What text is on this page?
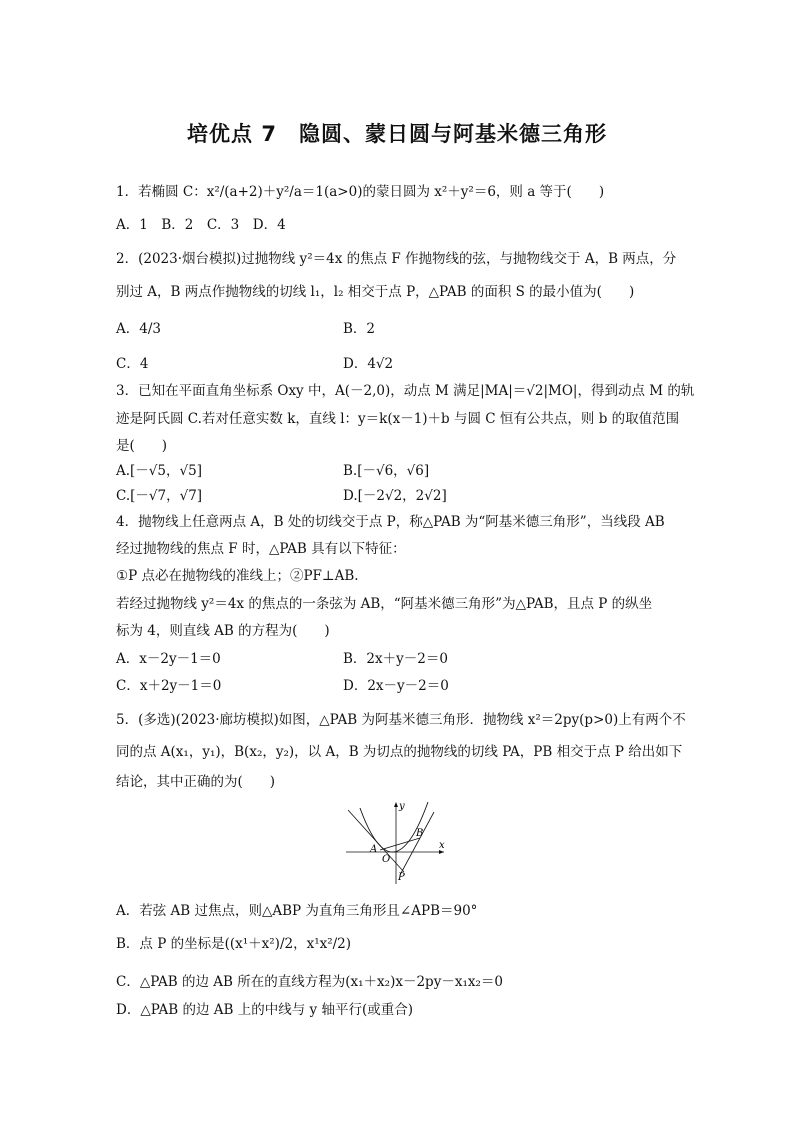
培优点 7　隐圆、蒙日圆与阿基米德三角形
1．若椭圆 C：x²/(a+2)＋y²/a＝1(a>0)的蒙日圆为 x²＋y²＝6，则 a 等于(　　)
A．1　B．2　C．3　D．4
2．(2023·烟台模拟)过抛物线 y²＝4x 的焦点 F 作抛物线的弦，与抛物线交于 A，B 两点，分
别过 A，B 两点作抛物线的切线 l₁，l₂ 相交于点 P，△PAB 的面积 S 的最小值为(　　)
A．4/3	B．2
C．4	D．4√2
3．已知在平面直角坐标系 Oxy 中，A(－2,0)，动点 M 满足|MA|＝√2|MO|，得到动点 M 的轨
迹是阿氏圆 C.若对任意实数 k，直线 l：y＝k(x－1)＋b 与圆 C 恒有公共点，则 b 的取值范围
是(　　)
A.[－√5，√5]	B.[－√6，√6]
C.[－√7，√7]	D.[－2√2，2√2]
4．抛物线上任意两点 A，B 处的切线交于点 P，称△PAB 为“阿基米德三角形”，当线段 AB
经过抛物线的焦点 F 时，△PAB 具有以下特征：
①P 点必在抛物线的准线上；②PF⊥AB.
若经过抛物线 y²＝4x 的焦点的一条弦为 AB，“阿基米德三角形”为△PAB，且点 P 的纵坐
标为 4，则直线 AB 的方程为(　　)
A．x－2y－1＝0	B．2x＋y－2＝0
C．x＋2y－1＝0	D．2x－y－2＝0
5．(多选)(2023·廊坊模拟)如图，△PAB 为阿基米德三角形．抛物线 x²＝2py(p>0)上有两个不
同的点 A(x₁，y₁)，B(x₂，y₂)，以 A，B 为切点的抛物线的切线 PA，PB 相交于点 P 给出如下
结论，其中正确的为(　　)
y
x
A
B
O
P
A．若弦 AB 过焦点，则△ABP 为直角三角形且∠APB＝90°
B．点 P 的坐标是((x¹＋x²)/2，x¹x²/2)
C．△PAB 的边 AB 所在的直线方程为(x₁＋x₂)x－2py－x₁x₂＝0
D．△PAB 的边 AB 上的中线与 y 轴平行(或重合)
